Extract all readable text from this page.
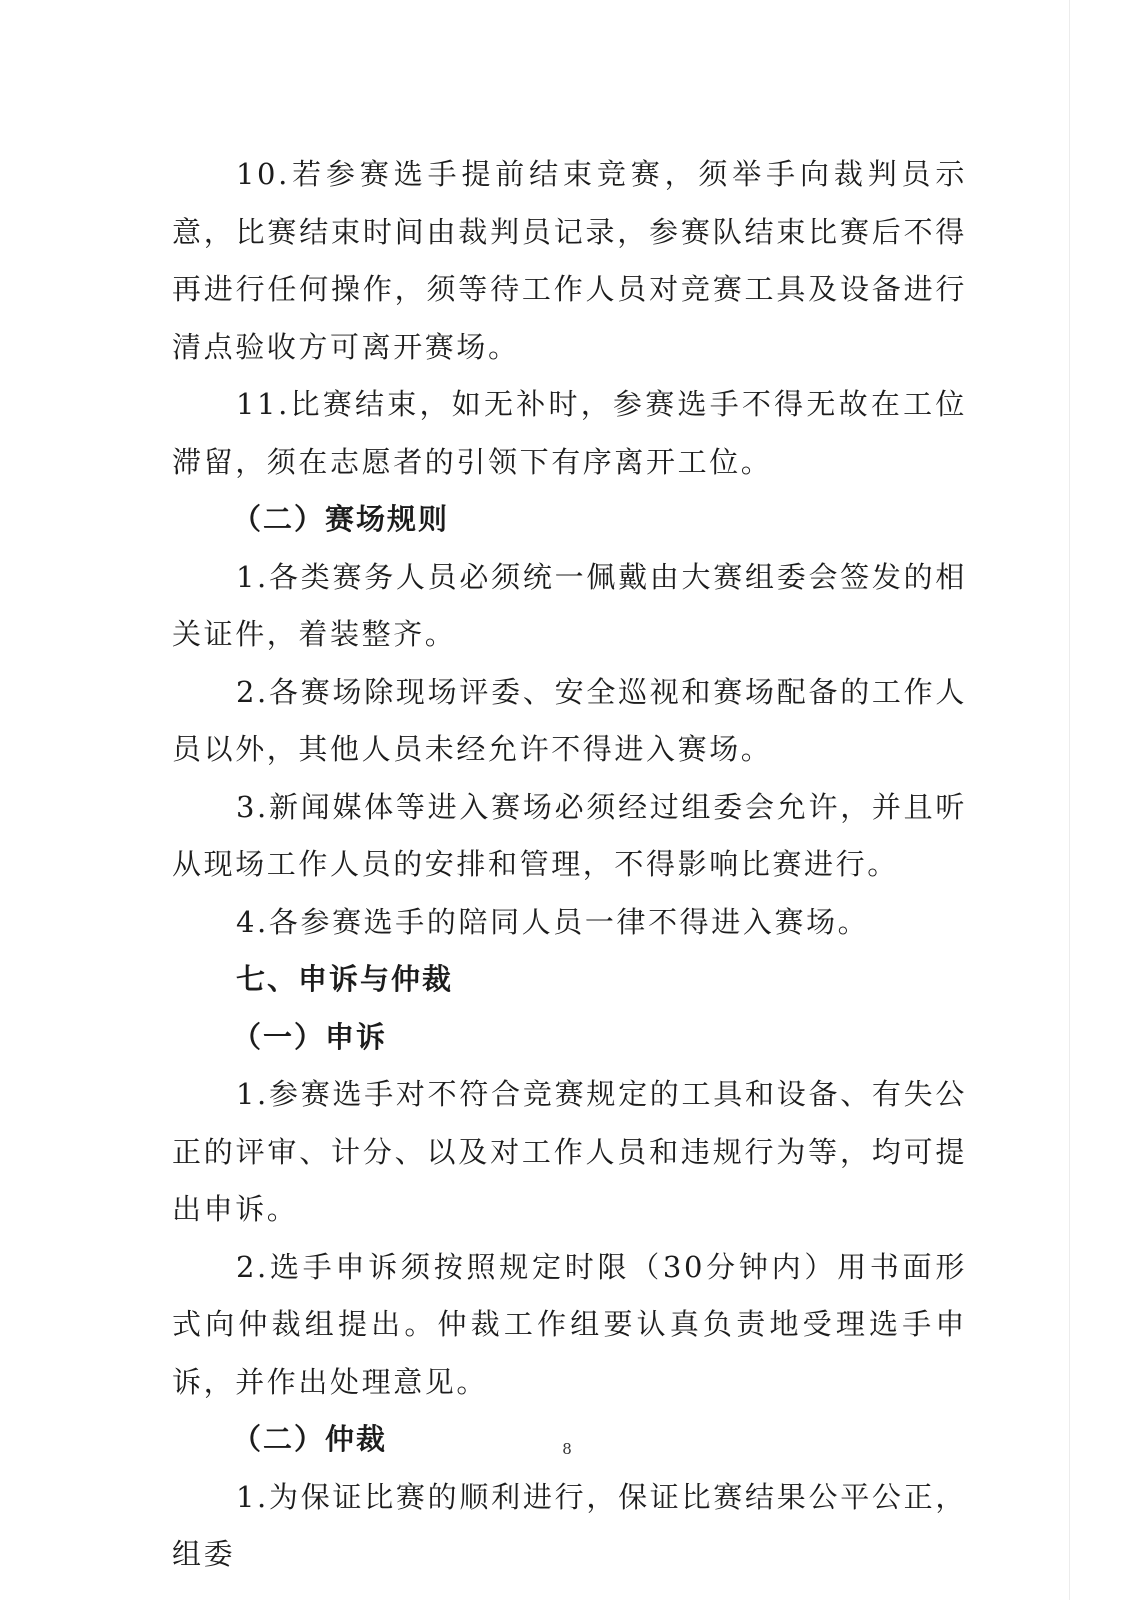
10.若参赛选手提前结束竞赛，须举手向裁判员示意，比赛结束时间由裁判员记录，参赛队结束比赛后不得再进行任何操作，须等待工作人员对竞赛工具及设备进行清点验收方可离开赛场。

11.比赛结束，如无补时，参赛选手不得无故在工位滞留，须在志愿者的引领下有序离开工位。

（二）赛场规则

1.各类赛务人员必须统一佩戴由大赛组委会签发的相关证件，着装整齐。

2.各赛场除现场评委、安全巡视和赛场配备的工作人员以外，其他人员未经允许不得进入赛场。

3.新闻媒体等进入赛场必须经过组委会允许，并且听从现场工作人员的安排和管理，不得影响比赛进行。

4.各参赛选手的陪同人员一律不得进入赛场。

七、申诉与仲裁

（一）申诉

1.参赛选手对不符合竞赛规定的工具和设备、有失公正的评审、计分、以及对工作人员和违规行为等，均可提出申诉。

2.选手申诉须按照规定时限（30分钟内）用书面形式向仲裁组提出。仲裁工作组要认真负责地受理选手申诉，并作出处理意见。

（二）仲裁

1.为保证比赛的顺利进行，保证比赛结果公平公正，组委

8
